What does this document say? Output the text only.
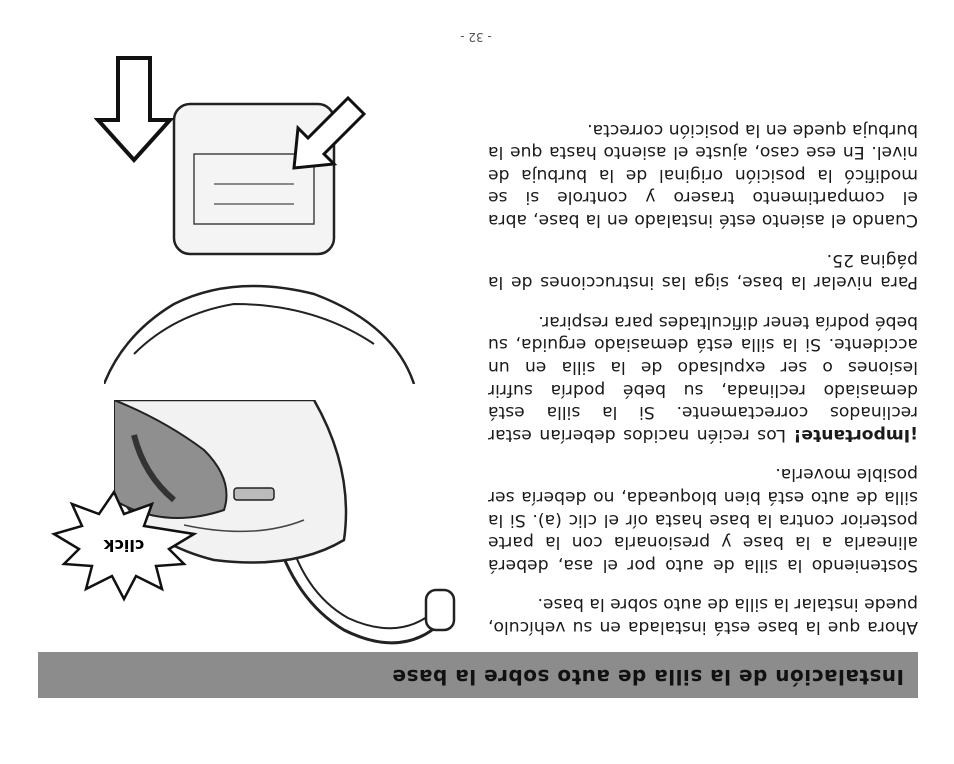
Instalación de la silla de auto sobre la base
click

Ahora que la base está instalada en su vehículo, puede instalar la silla de auto sobre la base.

Sosteniendo la silla de auto por el asa, deberá alinearla a la base y presionarla con la parte posterior contra la base hasta oír el clic (a). Si la silla de auto está bien bloqueada, no debería ser posible moverla.

¡Importante! Los recién nacidos deberían estar reclinados correctamente. Si la silla está demasiado reclinada, su bebé podría sufrir lesiones o ser expulsado de la silla en un accidente. Si la silla está demasiado erguida, su bebé podría tener dificultades para respirar.

Para nivelar la base, siga las instrucciones de la página 25.

Cuando el asiento esté instalado en la base, abra el compartimento trasero y controle si se modificó la posición original de la burbuja de nivel. En ese caso, ajuste el asiento hasta que la burbuja quede en la posición correcta.

- 32 -
